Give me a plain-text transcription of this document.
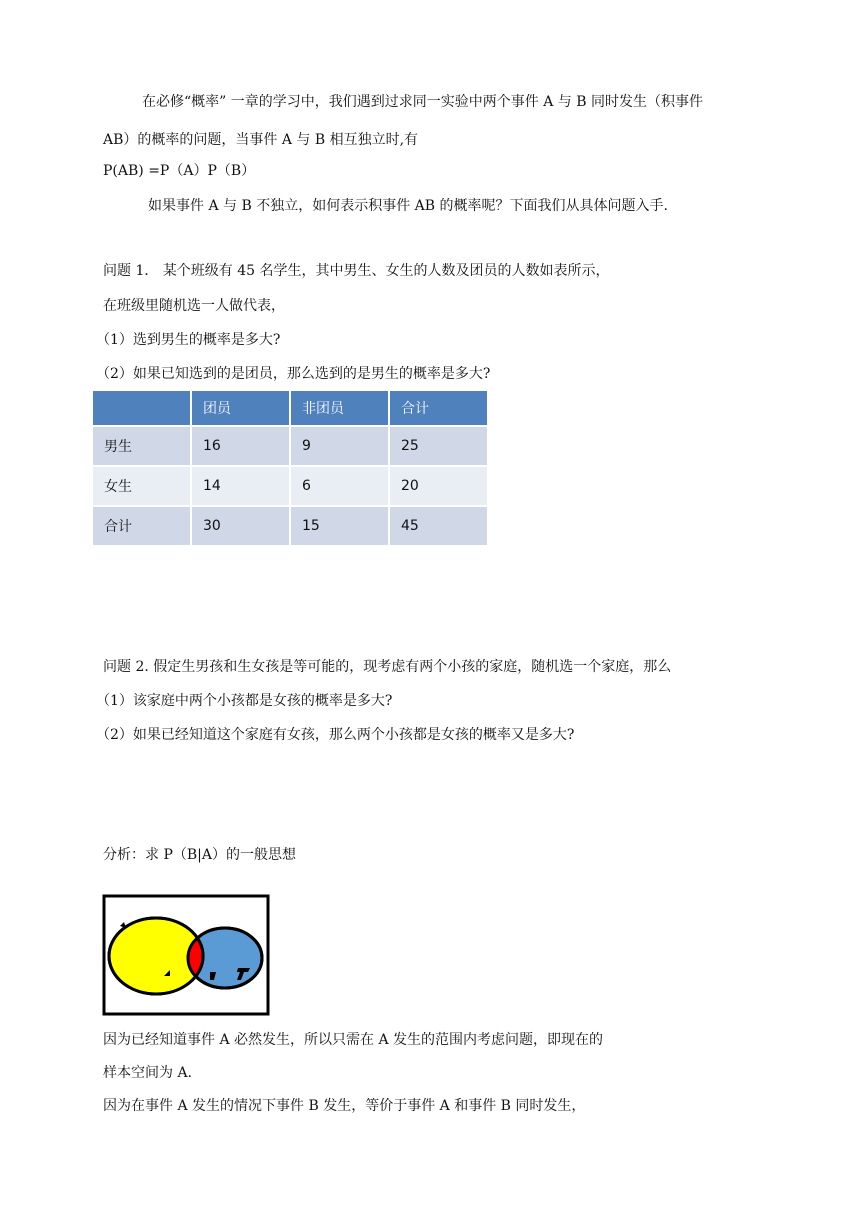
在必修“概率” 一章的学习中，我们遇到过求同一实验中两个事件 A 与 B 同时发生（积事件
AB）的概率的问题，当事件 A 与 B 相互独立时,有
P(AB) =P（A）P（B）
如果事件 A 与 B 不独立，如何表示积事件 AB 的概率呢？下面我们从具体问题入手.
问题 1． 某个班级有 45 名学生，其中男生、女生的人数及团员的人数如表所示，
在班级里随机选一人做代表，
（1）选到男生的概率是多大?
（2）如果已知选到的是团员，那么选到的是男生的概率是多大?
	团员	非团员	合计
男生	16	9	25
女生	14	6	20
合计	30	15	45
问题 2. 假定生男孩和生女孩是等可能的，现考虑有两个小孩的家庭，随机选一个家庭，那么
（1）该家庭中两个小孩都是女孩的概率是多大?
（2）如果已经知道这个家庭有女孩，那么两个小孩都是女孩的概率又是多大?
分析：求 P（B|A）的一般思想
因为已经知道事件 A 必然发生，所以只需在 A 发生的范围内考虑问题，即现在的
样本空间为 A.
因为在事件 A 发生的情况下事件 B 发生，等价于事件 A 和事件 B 同时发生，
